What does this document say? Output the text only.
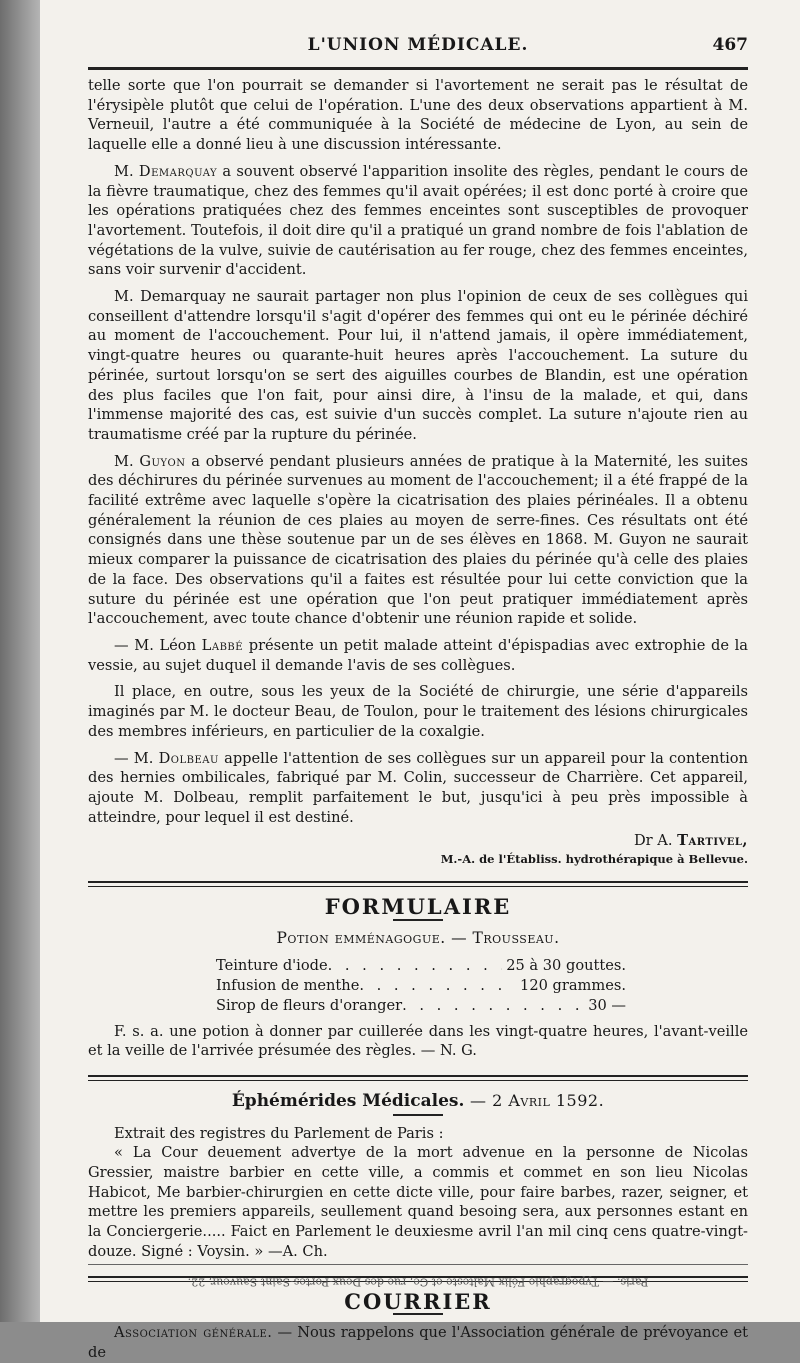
L'UNION MÉDICALE.	467

telle sorte que l'on pourrait se demander si l'avortement ne serait pas le résultat de l'érysipèle plutôt que celui de l'opération. L'une des deux observations appartient à M. Verneuil, l'autre a été communiquée à la Société de médecine de Lyon, au sein de laquelle elle a donné lieu à une discussion intéressante.

M. Demarquay a souvent observé l'apparition insolite des règles, pendant le cours de la fièvre traumatique, chez des femmes qu'il avait opérées; il est donc porté à croire que les opérations pratiquées chez des femmes enceintes sont susceptibles de provoquer l'avortement. Toutefois, il doit dire qu'il a pratiqué un grand nombre de fois l'ablation de végétations de la vulve, suivie de cautérisation au fer rouge, chez des femmes enceintes, sans voir survenir d'accident.

M. Demarquay ne saurait partager non plus l'opinion de ceux de ses collègues qui conseillent d'attendre lorsqu'il s'agit d'opérer des femmes qui ont eu le périnée déchiré au moment de l'accouchement. Pour lui, il n'attend jamais, il opère immédiatement, vingt-quatre heures ou quarante-huit heures après l'accouchement. La suture du périnée, surtout lorsqu'on se sert des aiguilles courbes de Blandin, est une opération des plus faciles que l'on fait, pour ainsi dire, à l'insu de la malade, et qui, dans l'immense majorité des cas, est suivie d'un succès complet. La suture n'ajoute rien au traumatisme créé par la rupture du périnée.

M. Guyon a observé pendant plusieurs années de pratique à la Maternité, les suites des déchirures du périnée survenues au moment de l'accouchement; il a été frappé de la facilité extrême avec laquelle s'opère la cicatrisation des plaies périnéales. Il a obtenu généralement la réunion de ces plaies au moyen de serre-fines. Ces résultats ont été consignés dans une thèse soutenue par un de ses élèves en 1868. M. Guyon ne saurait mieux comparer la puissance de cicatrisation des plaies du périnée qu'à celle des plaies de la face. Des observations qu'il a faites est résultée pour lui cette conviction que la suture du périnée est une opération que l'on peut pratiquer immédiatement après l'accouchement, avec toute chance d'obtenir une réunion rapide et solide.

— M. Léon Labbé présente un petit malade atteint d'épispadias avec extrophie de la vessie, au sujet duquel il demande l'avis de ses collègues.

Il place, en outre, sous les yeux de la Société de chirurgie, une série d'appareils imaginés par M. le docteur Beau, de Toulon, pour le traitement des lésions chirurgicales des membres inférieurs, en particulier de la coxalgie.

— M. Dolbeau appelle l'attention de ses collègues sur un appareil pour la contention des hernies ombilicales, fabriqué par M. Colin, successeur de Charrière. Cet appareil, ajoute M. Dolbeau, remplit parfaitement le but, jusqu'ici à peu près impossible à atteindre, pour lequel il est destiné.

Dr A. Tartivel,
M.-A. de l'Établiss. hydrothérapique à Bellevue.
FORMULAIRE
Potion emménagogue. — Trousseau.
Teinture d'iode . . .	25 à 30 gouttes.
Infusion de menthe . . .	120 grammes.
Sirop de fleurs d'oranger . . .	30 —

F. s. a. une potion à donner par cuillerée dans les vingt-quatre heures, l'avant-veille et la veille de l'arrivée présumée des règles. — N. G.

Éphémérides Médicales. — 2 Avril 1592.

Extrait des registres du Parlement de Paris :

« La Cour deuement advertye de la mort advenue en la personne de Nicolas Gressier, maistre barbier en cette ville, a commis et commet en son lieu Nicolas Habicot, Me barbier-chirurgien en cette dicte ville, pour faire barbes, razer, seigner, et mettre les premiers appareils, seullement quand besoing sera, aux personnes estant en la Conciergerie..... Faict en Parlement le deuxiesme avril l'an mil cinq cens quatre-vingt-douze. Signé : Voysin. » —A. Ch.

COURRIER

Association générale. — Nous rappelons que l'Association générale de prévoyance et de

Paris. — Typographie Félix Malteste et Ce, rue des Deux-Portes-Saint-Sauveur, 22.
